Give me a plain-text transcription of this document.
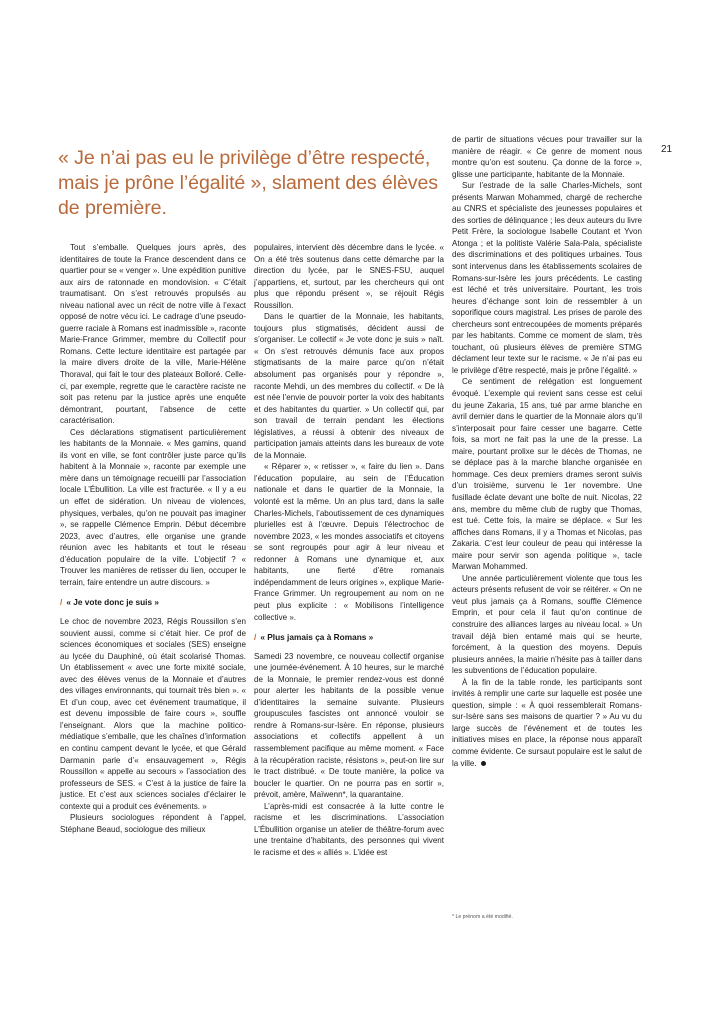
21
« Je n’ai pas eu le privilège d’être respecté, mais je prône l’égalité », slament des élèves de première.

Tout s’emballe. Quelques jours après, des identitaires de toute la France descendent dans ce quartier pour se « venger ». Une expédition punitive aux airs de ratonnade en mondovision. « C’était traumatisant. On s’est retrouvés propulsés au niveau national avec un récit de notre ville à l’exact opposé de notre vécu ici. Le cadrage d’une pseudo-guerre raciale à Romans est inadmissible », raconte Marie-France Grimmer, membre du Collectif pour Romans. Cette lecture identitaire est partagée par la maire divers droite de la ville, Marie-Hélène Thoraval, qui fait le tour des plateaux Bolloré. Celle-ci, par exemple, regrette que le caractère raciste ne soit pas retenu par la justice après une enquête démontrant, pourtant, l’absence de cette caractérisation.

Ces déclarations stigmatisent particulièrement les habitants de la Monnaie. « Mes gamins, quand ils vont en ville, se font contrôler juste parce qu’ils habitent à la Monnaie », raconte par exemple une mère dans un témoignage recueilli par l’association locale L’Ébullition. La ville est fracturée. « Il y a eu un effet de sidération. Un niveau de violences, physiques, verbales, qu’on ne pouvait pas imaginer », se rappelle Clémence Emprin. Début décembre 2023, avec d’autres, elle organise une grande réunion avec les habitants et tout le réseau d’éducation populaire de la ville. L’objectif ? « Trouver les manières de retisser du lien, occuper le terrain, faire entendre un autre discours. »

/ « Je vote donc je suis »

Le choc de novembre 2023, Régis Roussillon s’en souvient aussi, comme si c’était hier. Ce prof de sciences économiques et sociales (SES) enseigne au lycée du Dauphiné, où était scolarisé Thomas. Un établissement « avec une forte mixité sociale, avec des élèves venus de la Monnaie et d’autres des villages environnants, qui tournait très bien ». « Et d’un coup, avec cet événement traumatique, il est devenu impossible de faire cours », souffle l’enseignant. Alors que la machine politico-médiatique s’emballe, que les chaînes d’information en continu campent devant le lycée, et que Gérald Darmanin parle d’« ensauvagement », Régis Roussillon « appelle au secours » l’association des professeurs de SES. « C’est à la justice de faire la justice. Et c’est aux sciences sociales d’éclairer le contexte qui a produit ces événements. »

Plusieurs sociologues répondent à l’appel, Stéphane Beaud, sociologue des milieux

populaires, intervient dès décembre dans le lycée. « On a été très soutenus dans cette démarche par la direction du lycée, par le SNES-FSU, auquel j’appartiens, et, surtout, par les chercheurs qui ont plus que répondu présent », se réjouit Régis Roussillon.

Dans le quartier de la Monnaie, les habitants, toujours plus stigmatisés, décident aussi de s’organiser. Le collectif « Je vote donc je suis » naît. « On s’est retrouvés démunis face aux propos stigmatisants de la maire parce qu’on n’était absolument pas organisés pour y répondre », raconte Mehdi, un des membres du collectif. « De là est née l’envie de pouvoir porter la voix des habitants et des habitantes du quartier. » Un collectif qui, par son travail de terrain pendant les élections législatives, a réussi à obtenir des niveaux de participation jamais atteints dans les bureaux de vote de la Monnaie.

« Réparer », « retisser », « faire du lien ». Dans l’éducation populaire, au sein de l’Éducation nationale et dans le quartier de la Monnaie, la volonté est la même. Un an plus tard, dans la salle Charles-Michels, l’aboutissement de ces dynamiques plurielles est à l’œuvre. Depuis l’électrochoc de novembre 2023, « les mondes associatifs et citoyens se sont regroupés pour agir à leur niveau et redonner à Romans une dynamique et, aux habitants, une fierté d’être romanais indépendamment de leurs origines », explique Marie-France Grimmer. Un regroupement au nom on ne peut plus explicite : « Mobilisons l’intelligence collective ».

/ « Plus jamais ça à Romans »

Samedi 23 novembre, ce nouveau collectif organise une journée-événement. À 10 heures, sur le marché de la Monnaie, le premier rendez-vous est donné pour alerter les habitants de la possible venue d’identitaires la semaine suivante. Plusieurs groupuscules fascistes ont annoncé vouloir se rendre à Romans-sur-Isère. En réponse, plusieurs associations et collectifs appellent à un rassemblement pacifique au même moment. « Face à la récupération raciste, résistons », peut-on lire sur le tract distribué. « De toute manière, la police va boucler le quartier. On ne pourra pas en sortir », prévoit, amère, Maïwenn*, la quarantaine.

L’après-midi est consacrée à la lutte contre le racisme et les discriminations. L’association L’Ébullition organise un atelier de théâtre-forum avec une trentaine d’habitants, des personnes qui vivent le racisme et des « alliés ». L’idée est

de partir de situations vécues pour travailler sur la manière de réagir. « Ce genre de moment nous montre qu’on est soutenu. Ça donne de la force », glisse une participante, habitante de la Monnaie.

Sur l’estrade de la salle Charles-Michels, sont présents Marwan Mohammed, chargé de recherche au CNRS et spécialiste des jeunesses populaires et des sorties de délinquance ; les deux auteurs du livre Petit Frère, la sociologue Isabelle Coutant et Yvon Atonga ; et la politiste Valérie Sala-Pala, spécialiste des discriminations et des politiques urbaines. Tous sont intervenus dans les établissements scolaires de Romans-sur-Isère les jours précédents. Le casting est léché et très universitaire. Pourtant, les trois heures d’échange sont loin de ressembler à un soporifique cours magistral. Les prises de parole des chercheurs sont entrecoupées de moments préparés par les habitants. Comme ce moment de slam, très touchant, où plusieurs élèves de première STMG déclament leur texte sur le racisme. « Je n’ai pas eu le privilège d’être respecté, mais je prône l’égalité. »

Ce sentiment de relégation est longuement évoqué. L’exemple qui revient sans cesse est celui du jeune Zakaria, 15 ans, tué par arme blanche en avril dernier dans le quartier de la Monnaie alors qu’il s’interposait pour faire cesser une bagarre. Cette fois, sa mort ne fait pas la une de la presse. La maire, pourtant prolixe sur le décès de Thomas, ne se déplace pas à la marche blanche organisée en hommage. Ces deux premiers drames seront suivis d’un troisième, survenu le 1er novembre. Une fusillade éclate devant une boîte de nuit. Nicolas, 22 ans, membre du même club de rugby que Thomas, est tué. Cette fois, la maire se déplace. « Sur les affiches dans Romans, il y a Thomas et Nicolas, pas Zakaria. C’est leur couleur de peau qui intéresse la maire pour servir son agenda politique », tacle Marwan Mohammed.

Une année particulièrement violente que tous les acteurs présents refusent de voir se réitérer. « On ne veut plus jamais ça à Romans, souffle Clémence Emprin, et pour cela il faut qu’on continue de construire des alliances larges au niveau local. » Un travail déjà bien entamé mais qui se heurte, forcément, à la question des moyens. Depuis plusieurs années, la mairie n’hésite pas à tailler dans les subventions de l’éducation populaire.

À la fin de la table ronde, les participants sont invités à remplir une carte sur laquelle est posée une question, simple : « À quoi ressemblerait Romans-sur-Isère sans ses maisons de quartier ? » Au vu du large succès de l’événement et de toutes les initiatives mises en place, la réponse nous apparaît comme évidente. Ce sursaut populaire est le salut de la ville.

* Le prénom a été modifié.
